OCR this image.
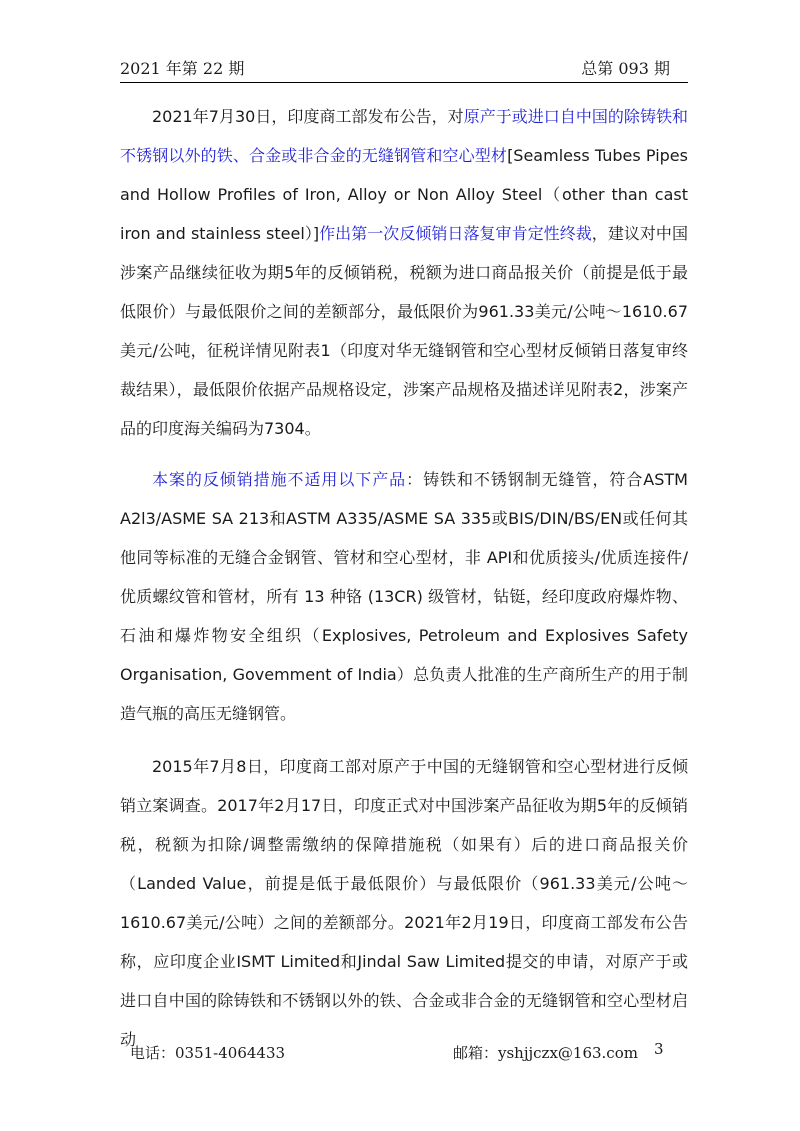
2021 年第 22 期	总第 093 期

2021年7月30日，印度商工部发布公告，对原产于或进口自中国的除铸铁和不锈钢以外的铁、合金或非合金的无缝钢管和空心型材[Seamless Tubes Pipes and Hollow Profiles of Iron, Alloy or Non Alloy Steel（other than cast iron and stainless steel）]作出第一次反倾销日落复审肯定性终裁，建议对中国涉案产品继续征收为期5年的反倾销税，税额为进口商品报关价（前提是低于最低限价）与最低限价之间的差额部分，最低限价为961.33美元/公吨～1610.67美元/公吨，征税详情见附表1（印度对华无缝钢管和空心型材反倾销日落复审终裁结果），最低限价依据产品规格设定，涉案产品规格及描述详见附表2，涉案产品的印度海关编码为7304。

本案的反倾销措施不适用以下产品：铸铁和不锈钢制无缝管，符合ASTM A2l3/ASME SA 213和ASTM A335/ASME SA 335或BIS/DIN/BS/EN或任何其他同等标准的无缝合金钢管、管材和空心型材，非 API和优质接头/优质连接件/优质螺纹管和管材，所有 13 种铬 (13CR) 级管材，钻铤，经印度政府爆炸物、石油和爆炸物安全组织（Explosives, Petroleum and Explosives Safety Organisation, Govemment of India）总负责人批准的生产商所生产的用于制造气瓶的高压无缝钢管。

2015年7月8日，印度商工部对原产于中国的无缝钢管和空心型材进行反倾销立案调查。2017年2月17日，印度正式对中国涉案产品征收为期5年的反倾销税，税额为扣除/调整需缴纳的保障措施税（如果有）后的进口商品报关价（Landed Value，前提是低于最低限价）与最低限价（961.33美元/公吨～1610.67美元/公吨）之间的差额部分。2021年2月19日，印度商工部发布公告称，应印度企业ISMT Limited和Jindal Saw Limited提交的申请，对原产于或进口自中国的除铸铁和不锈钢以外的铁、合金或非合金的无缝钢管和空心型材启动

电话：0351-4064433	邮箱：yshjjczx@163.com 3
